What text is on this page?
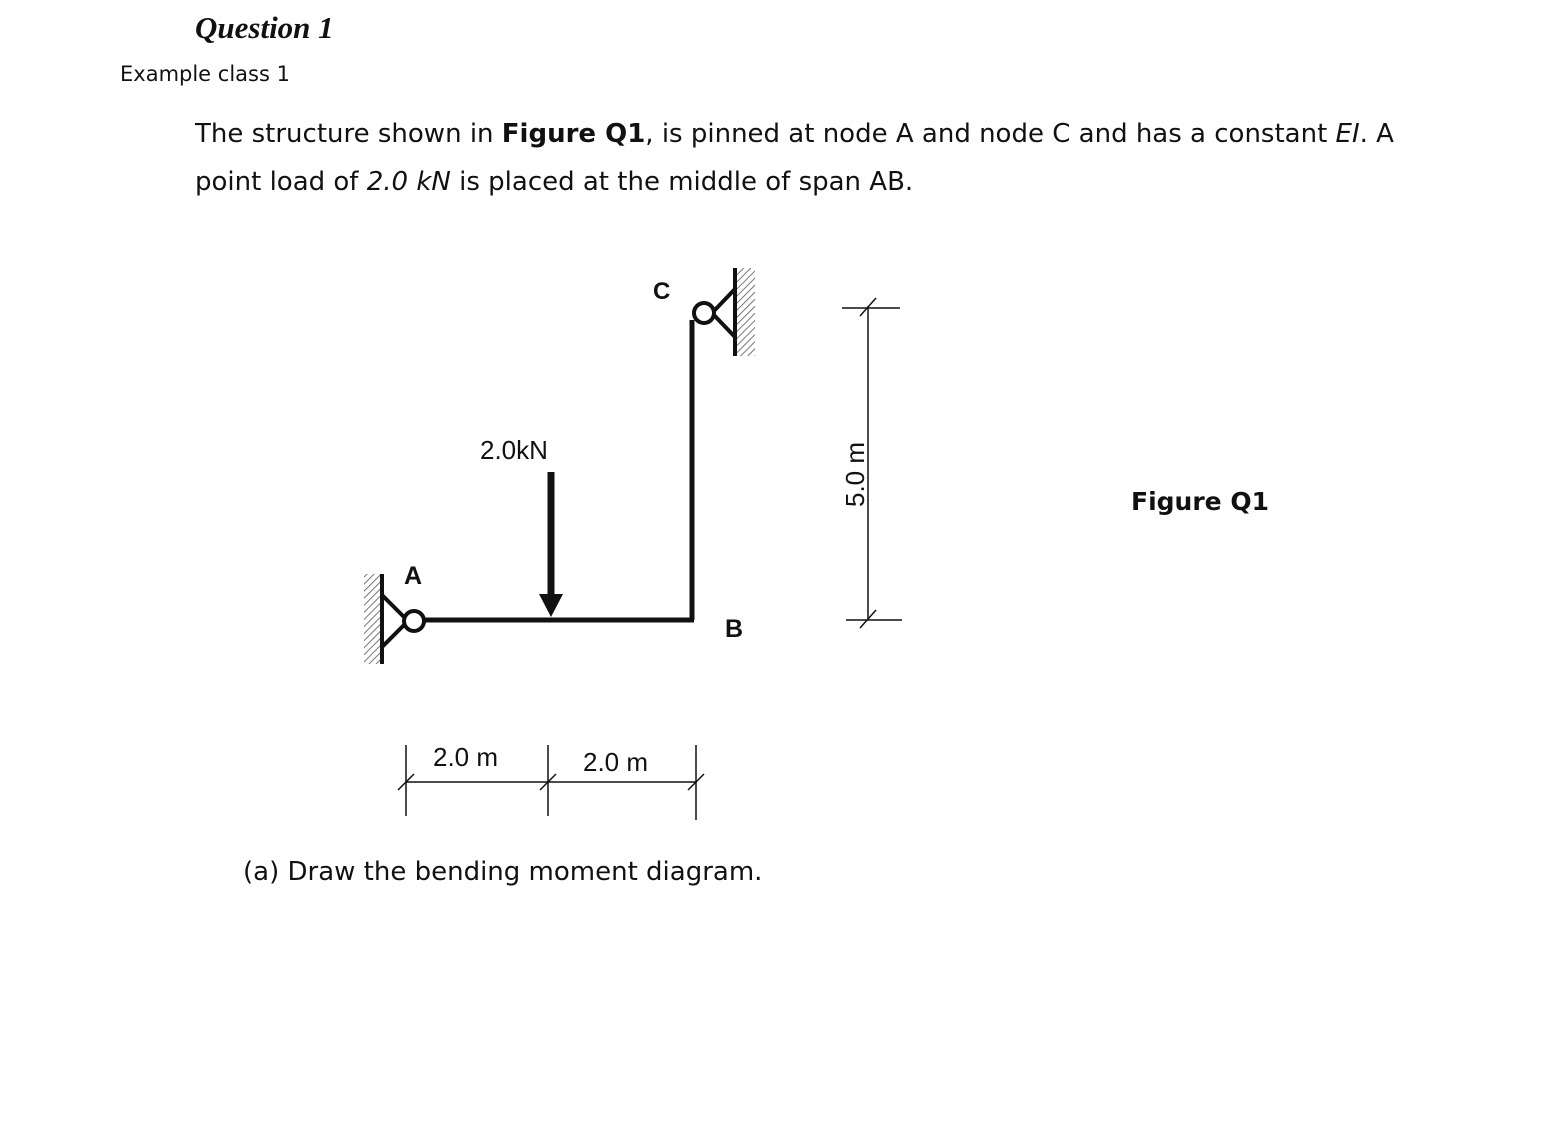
Question 1

Example class 1

The structure shown in Figure Q1, is pinned at node A and node C and has a constant EI. A point load of 2.0 kN is placed at the middle of span AB.

A
B
C
2.0kN
2.0 m	2.0 m
5.0 m	Figure Q1

(a) Draw the bending moment diagram.
